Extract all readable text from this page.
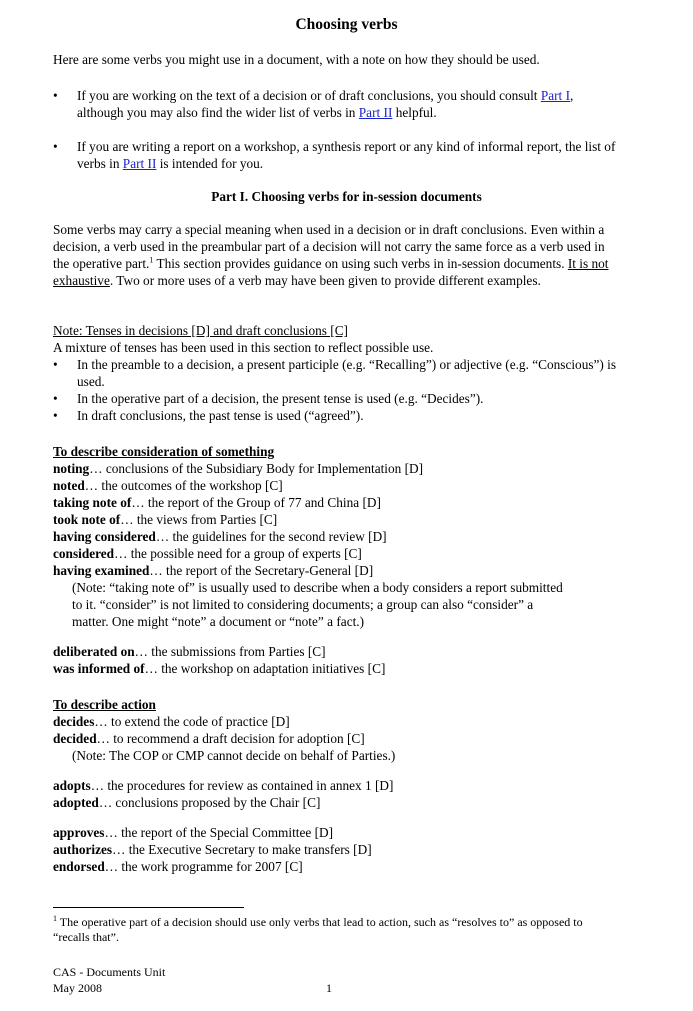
Choosing verbs
Here are some verbs you might use in a document, with a note on how they should be used.
• If you are working on the text of a decision or of draft conclusions, you should consult Part I, although you may also find the wider list of verbs in Part II helpful.
• If you are writing a report on a workshop, a synthesis report or any kind of informal report, the list of verbs in Part II is intended for you.
Part I. Choosing verbs for in-session documents
Some verbs may carry a special meaning when used in a decision or in draft conclusions. Even within a decision, a verb used in the preambular part of a decision will not carry the same force as a verb used in the operative part.$^1$ This section provides guidance on using such verbs in in-session documents. It is not exhaustive. Two or more uses of a verb may have been given to provide different examples.
Note: Tenses in decisions [D] and draft conclusions [C]
A mixture of tenses has been used in this section to reflect possible use.
• In the preamble to a decision, a present participle (e.g. “Recalling”) or adjective (e.g. “Conscious”) is used.
• In the operative part of a decision, the present tense is used (e.g. “Decides”).
• In draft conclusions, the past tense is used (“agreed”).
To describe consideration of something
noting… conclusions of the Subsidiary Body for Implementation [D]
noted… the outcomes of the workshop [C]
taking note of… the report of the Group of 77 and China [D]
took note of… the views from Parties [C]
having considered… the guidelines for the second review [D]
considered… the possible need for a group of experts [C]
having examined… the report of the Secretary-General [D]
(Note: “taking note of” is usually used to describe when a body considers a report submitted to it. “consider” is not limited to considering documents; a group can also “consider” a matter. One might “note” a document or “note” a fact.)
deliberated on… the submissions from Parties [C]
was informed of… the workshop on adaptation initiatives [C]
To describe action
decides… to extend the code of practice [D]
decided… to recommend a draft decision for adoption [C]
(Note: The COP or CMP cannot decide on behalf of Parties.)
adopts… the procedures for review as contained in annex 1 [D]
adopted… conclusions proposed by the Chair [C]
approves… the report of the Special Committee [D]
authorizes… the Executive Secretary to make transfers [D]
endorsed… the work programme for 2007 [C]
$^1$ The operative part of a decision should use only verbs that lead to action, such as “resolves to” as opposed to “recalls that”.
CAS - Documents Unit
May 2008	1
